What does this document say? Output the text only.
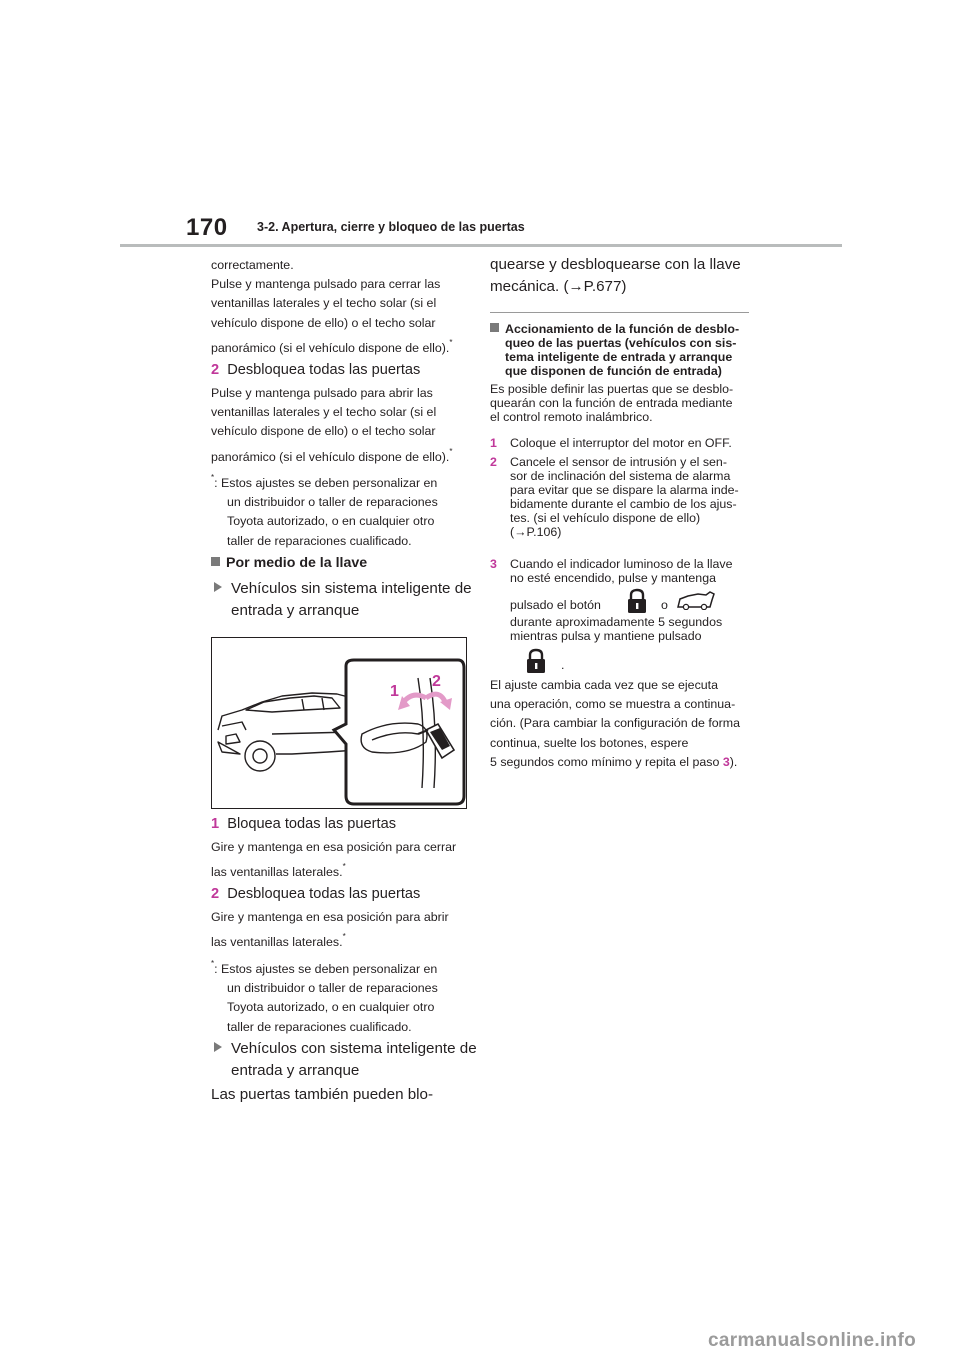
170 3-2. Apertura, cierre y bloqueo de las puertas
correctamente.
Pulse y mantenga pulsado para cerrar las
ventanillas laterales y el techo solar (si el
vehículo dispone de ello) o el techo solar
panorámico (si el vehículo dispone de ello).*
2 Desbloquea todas las puertas
Pulse y mantenga pulsado para abrir las
ventanillas laterales y el techo solar (si el
vehículo dispone de ello) o el techo solar
panorámico (si el vehículo dispone de ello).*
*: Estos ajustes se deben personalizar en
un distribuidor o taller de reparaciones
Toyota autorizado, o en cualquier otro
taller de reparaciones cualificado.
Por medio de la llave
Vehículos sin sistema inteligente de
entrada y arranque
1
2
1 Bloquea todas las puertas
Gire y mantenga en esa posición para cerrar
las ventanillas laterales.*
2 Desbloquea todas las puertas
Gire y mantenga en esa posición para abrir
las ventanillas laterales.*
*: Estos ajustes se deben personalizar en
un distribuidor o taller de reparaciones
Toyota autorizado, o en cualquier otro
taller de reparaciones cualificado.
Vehículos con sistema inteligente de
entrada y arranque
Las puertas también pueden blo-
quearse y desbloquearse con la llave
mecánica. (→P.677)
Accionamiento de la función de desblo-
queo de las puertas (vehículos con sis-
tema inteligente de entrada y arranque
que disponen de función de entrada)
Es posible definir las puertas que se desblo-
quearán con la función de entrada mediante
el control remoto inalámbrico.
1 Coloque el interruptor del motor en OFF.
2 Cancele el sensor de intrusión y el sen-
sor de inclinación del sistema de alarma
para evitar que se dispare la alarma inde-
bidamente durante el cambio de los ajus-
tes. (si el vehículo dispone de ello)
(→P.106)
3 Cuando el indicador luminoso de la llave
no esté encendido, pulse y mantenga
pulsado el botón	o
durante aproximadamente 5 segundos
mientras pulsa y mantiene pulsado
.
El ajuste cambia cada vez que se ejecuta
una operación, como se muestra a continua-
ción. (Para cambiar la configuración de forma
continua, suelte los botones, espere
5 segundos como mínimo y repita el paso 3).
carmanualsonline.info
